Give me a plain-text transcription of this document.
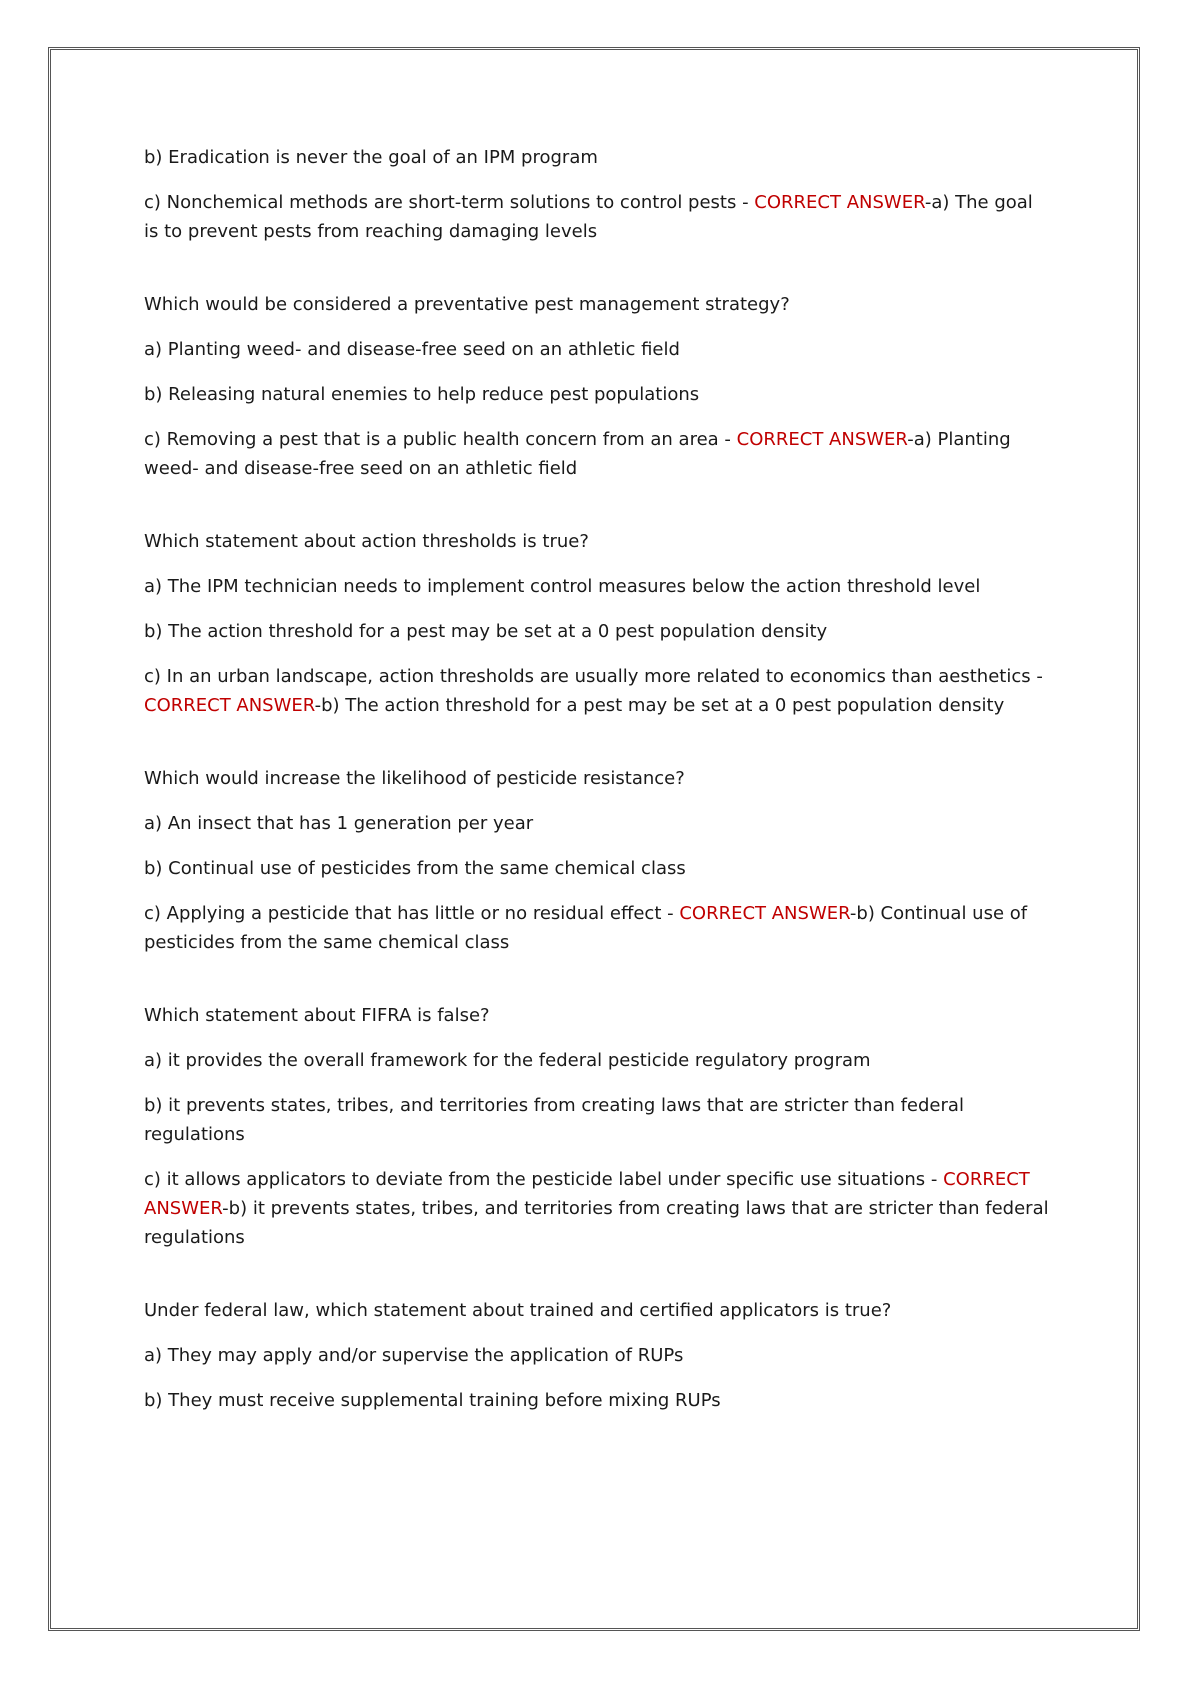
b) Eradication is never the goal of an IPM program

c) Nonchemical methods are short-term solutions to control pests - CORRECT ANSWER-a) The goal is to prevent pests from reaching damaging levels

Which would be considered a preventative pest management strategy?

a) Planting weed- and disease-free seed on an athletic field

b) Releasing natural enemies to help reduce pest populations

c) Removing a pest that is a public health concern from an area - CORRECT ANSWER-a) Planting weed- and disease-free seed on an athletic field

Which statement about action thresholds is true?

a) The IPM technician needs to implement control measures below the action threshold level

b) The action threshold for a pest may be set at a 0 pest population density

c) In an urban landscape, action thresholds are usually more related to economics than aesthetics - CORRECT ANSWER-b) The action threshold for a pest may be set at a 0 pest population density

Which would increase the likelihood of pesticide resistance?

a) An insect that has 1 generation per year

b) Continual use of pesticides from the same chemical class

c) Applying a pesticide that has little or no residual effect - CORRECT ANSWER-b) Continual use of pesticides from the same chemical class

Which statement about FIFRA is false?

a) it provides the overall framework for the federal pesticide regulatory program

b) it prevents states, tribes, and territories from creating laws that are stricter than federal regulations

c) it allows applicators to deviate from the pesticide label under specific use situations - CORRECT ANSWER-b) it prevents states, tribes, and territories from creating laws that are stricter than federal regulations

Under federal law, which statement about trained and certified applicators is true?

a) They may apply and/or supervise the application of RUPs

b) They must receive supplemental training before mixing RUPs
